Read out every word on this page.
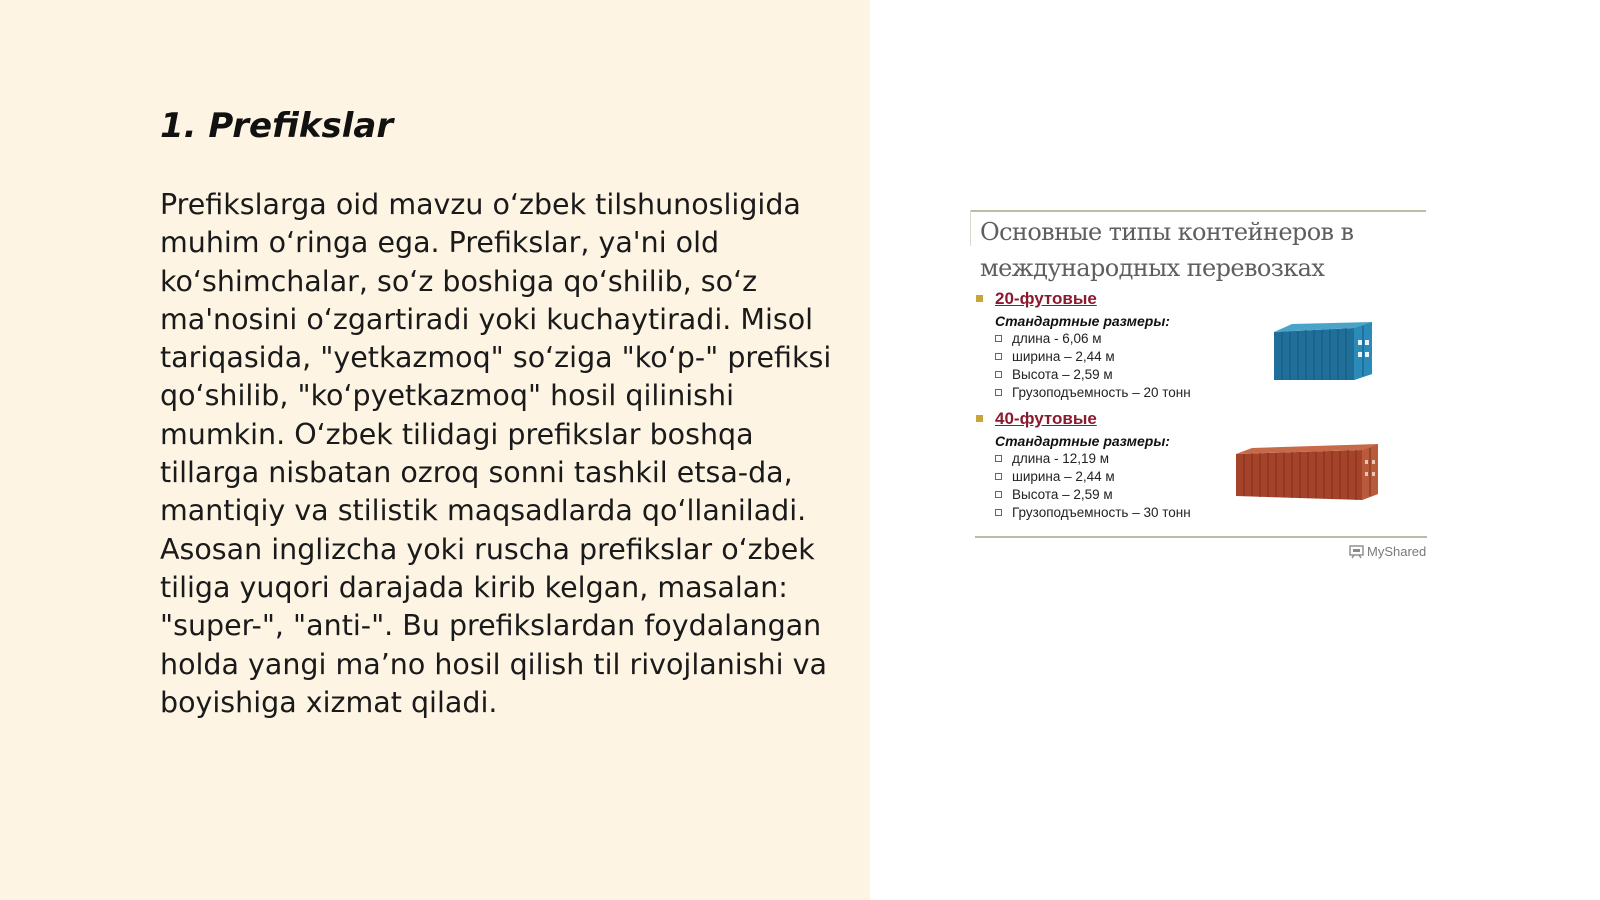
1. Prefikslar

Prefikslarga oid mavzu o‘zbek tilshunosligida muhim o‘ringa ega. Prefikslar, ya'ni old ko‘shimchalar, so‘z boshiga qo‘shilib, so‘z ma'nosini o‘zgartiradi yoki kuchaytiradi. Misol tariqasida, "yetkazmoq" so‘ziga "ko‘p-" prefiksi qo‘shilib, "ko‘pyetkazmoq" hosil qilinishi mumkin. O‘zbek tilidagi prefikslar boshqa tillarga nisbatan ozroq sonni tashkil etsa-da, mantiqiy va stilistik maqsadlarda qo‘llaniladi. Asosan inglizcha yoki ruscha prefikslar o‘zbek tiliga yuqori darajada kirib kelgan, masalan: "super-", "anti-". Bu prefikslardan foydalangan holda yangi ma’no hosil qilish til rivojlanishi va boyishiga xizmat qiladi.

Основные типы контейнеров в международных перевозках

20-футовые
Стандартные размеры:
длина - 6,06 м
ширина – 2,44 м
Высота – 2,59 м
Грузоподъемность – 20 тонн
40-футовые
Стандартные размеры:
длина - 12,19 м
ширина – 2,44 м
Высота – 2,59 м
Грузоподъемность – 30 тонн
MyShared
